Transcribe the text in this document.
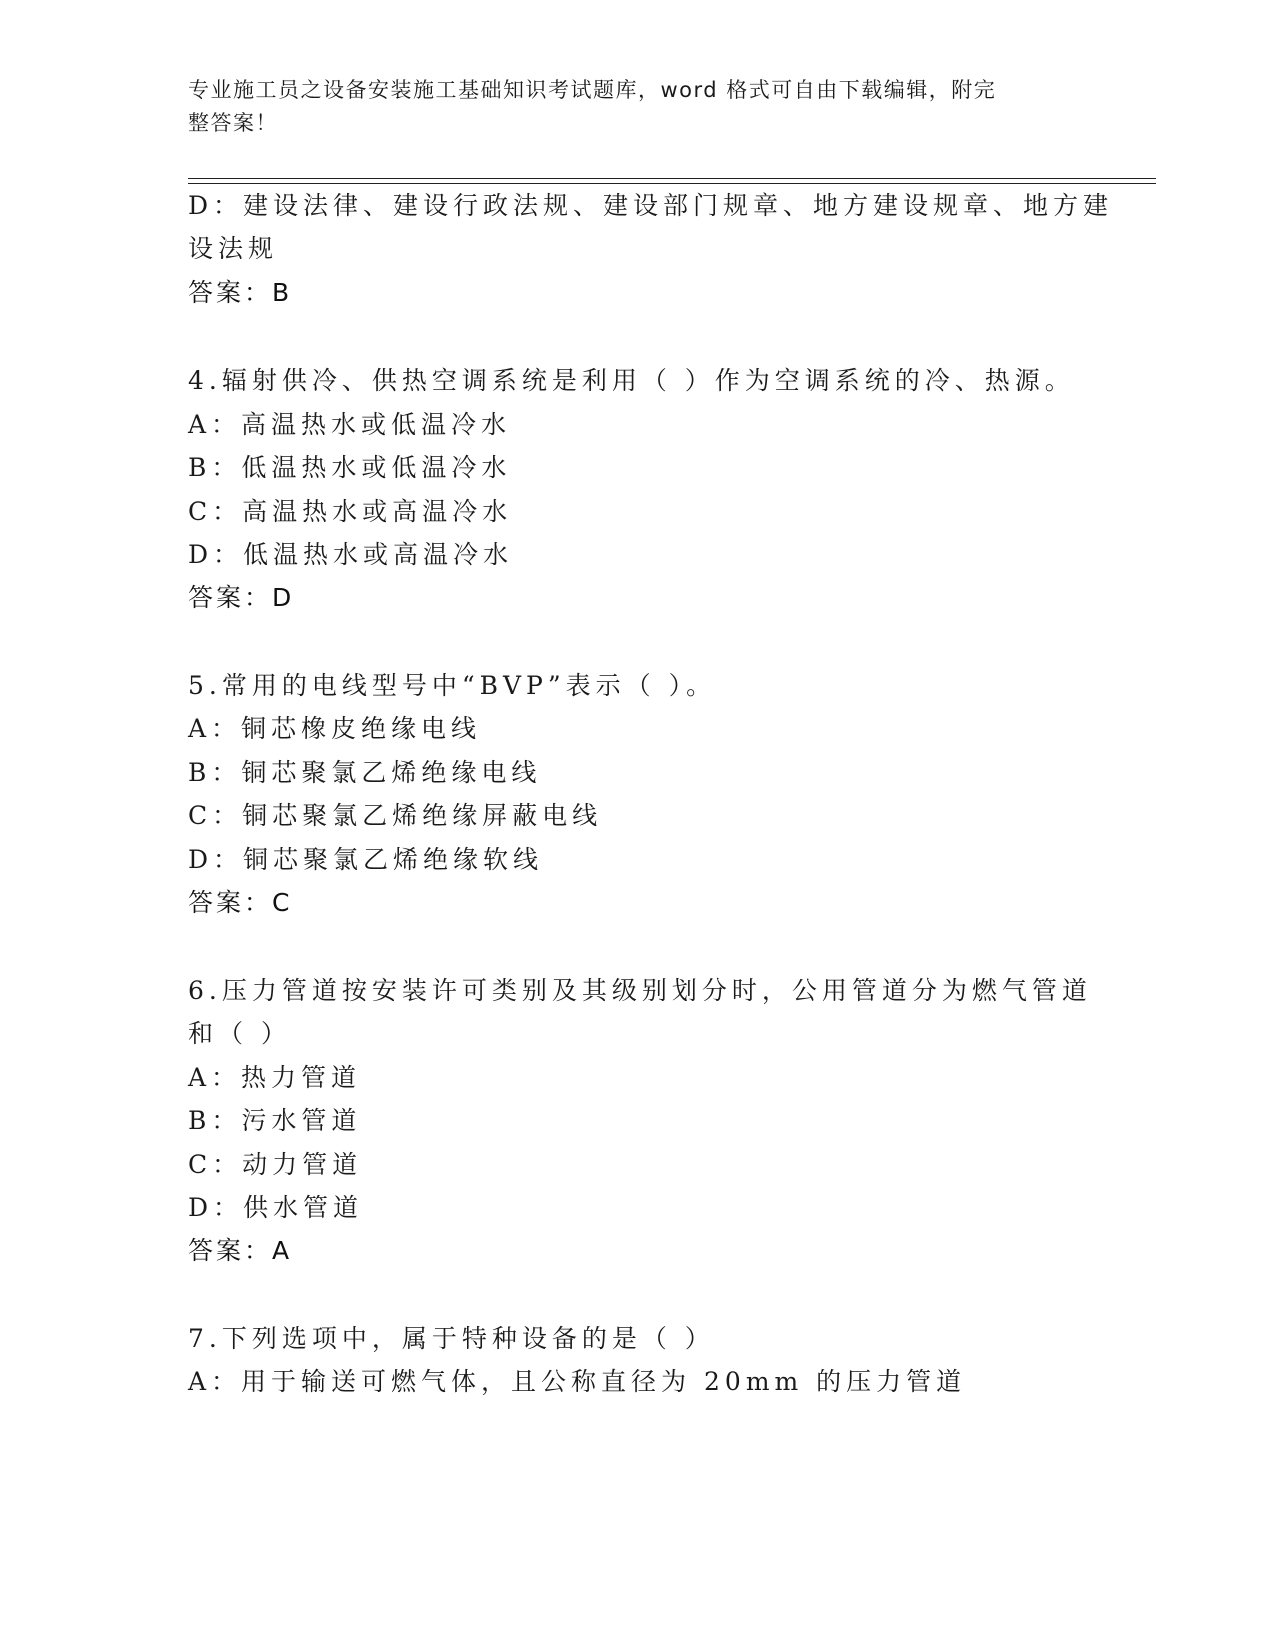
专业施工员之设备安装施工基础知识考试题库，word 格式可自由下载编辑，附完
整答案！
D：建设法律、建设行政法规、建设部门规章、地方建设规章、地方建
设法规
答案：B
4.辐射供冷、供热空调系统是利用（ ）作为空调系统的冷、热源。
A：高温热水或低温冷水
B：低温热水或低温冷水
C：高温热水或高温冷水
D：低温热水或高温冷水
答案：D
5.常用的电线型号中“BVP”表示（ ）。
A：铜芯橡皮绝缘电线
B：铜芯聚氯乙烯绝缘电线
C：铜芯聚氯乙烯绝缘屏蔽电线
D：铜芯聚氯乙烯绝缘软线
答案：C
6.压力管道按安装许可类别及其级别划分时，公用管道分为燃气管道
和（ ）
A：热力管道
B：污水管道
C：动力管道
D：供水管道
答案：A
7.下列选项中，属于特种设备的是（ ）
A：用于输送可燃气体，且公称直径为 20mm 的压力管道
